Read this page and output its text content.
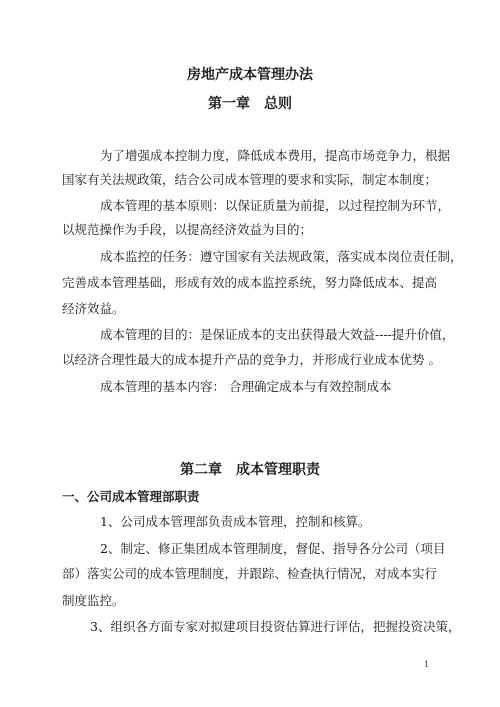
房地产成本管理办法
第一章　总则
为了增强成本控制力度，降低成本费用，提高市场竞争力，根据
国家有关法规政策，结合公司成本管理的要求和实际，制定本制度；
成本管理的基本原则：以保证质量为前提，以过程控制为环节，
以规范操作为手段，以提高经济效益为目的；
成本监控的任务：遵守国家有关法规政策，落实成本岗位责任制，
完善成本管理基础，形成有效的成本监控系统，努力降低成本、提高
经济效益。
成本管理的目的：是保证成本的支出获得最大效益----提升价值，
以经济合理性最大的成本提升产品的竞争力，并形成行业成本优势 。
成本管理的基本内容： 合理确定成本与有效控制成本
第二章　成本管理职责
一、公司成本管理部职责
1、公司成本管理部负责成本管理，控制和核算。
2、制定、修正集团成本管理制度，督促、指导各分公司（项目
部）落实公司的成本管理制度，并跟踪、检查执行情况，对成本实行
制度监控。
3、组织各方面专家对拟建项目投资估算进行评估，把握投资决策，
1
